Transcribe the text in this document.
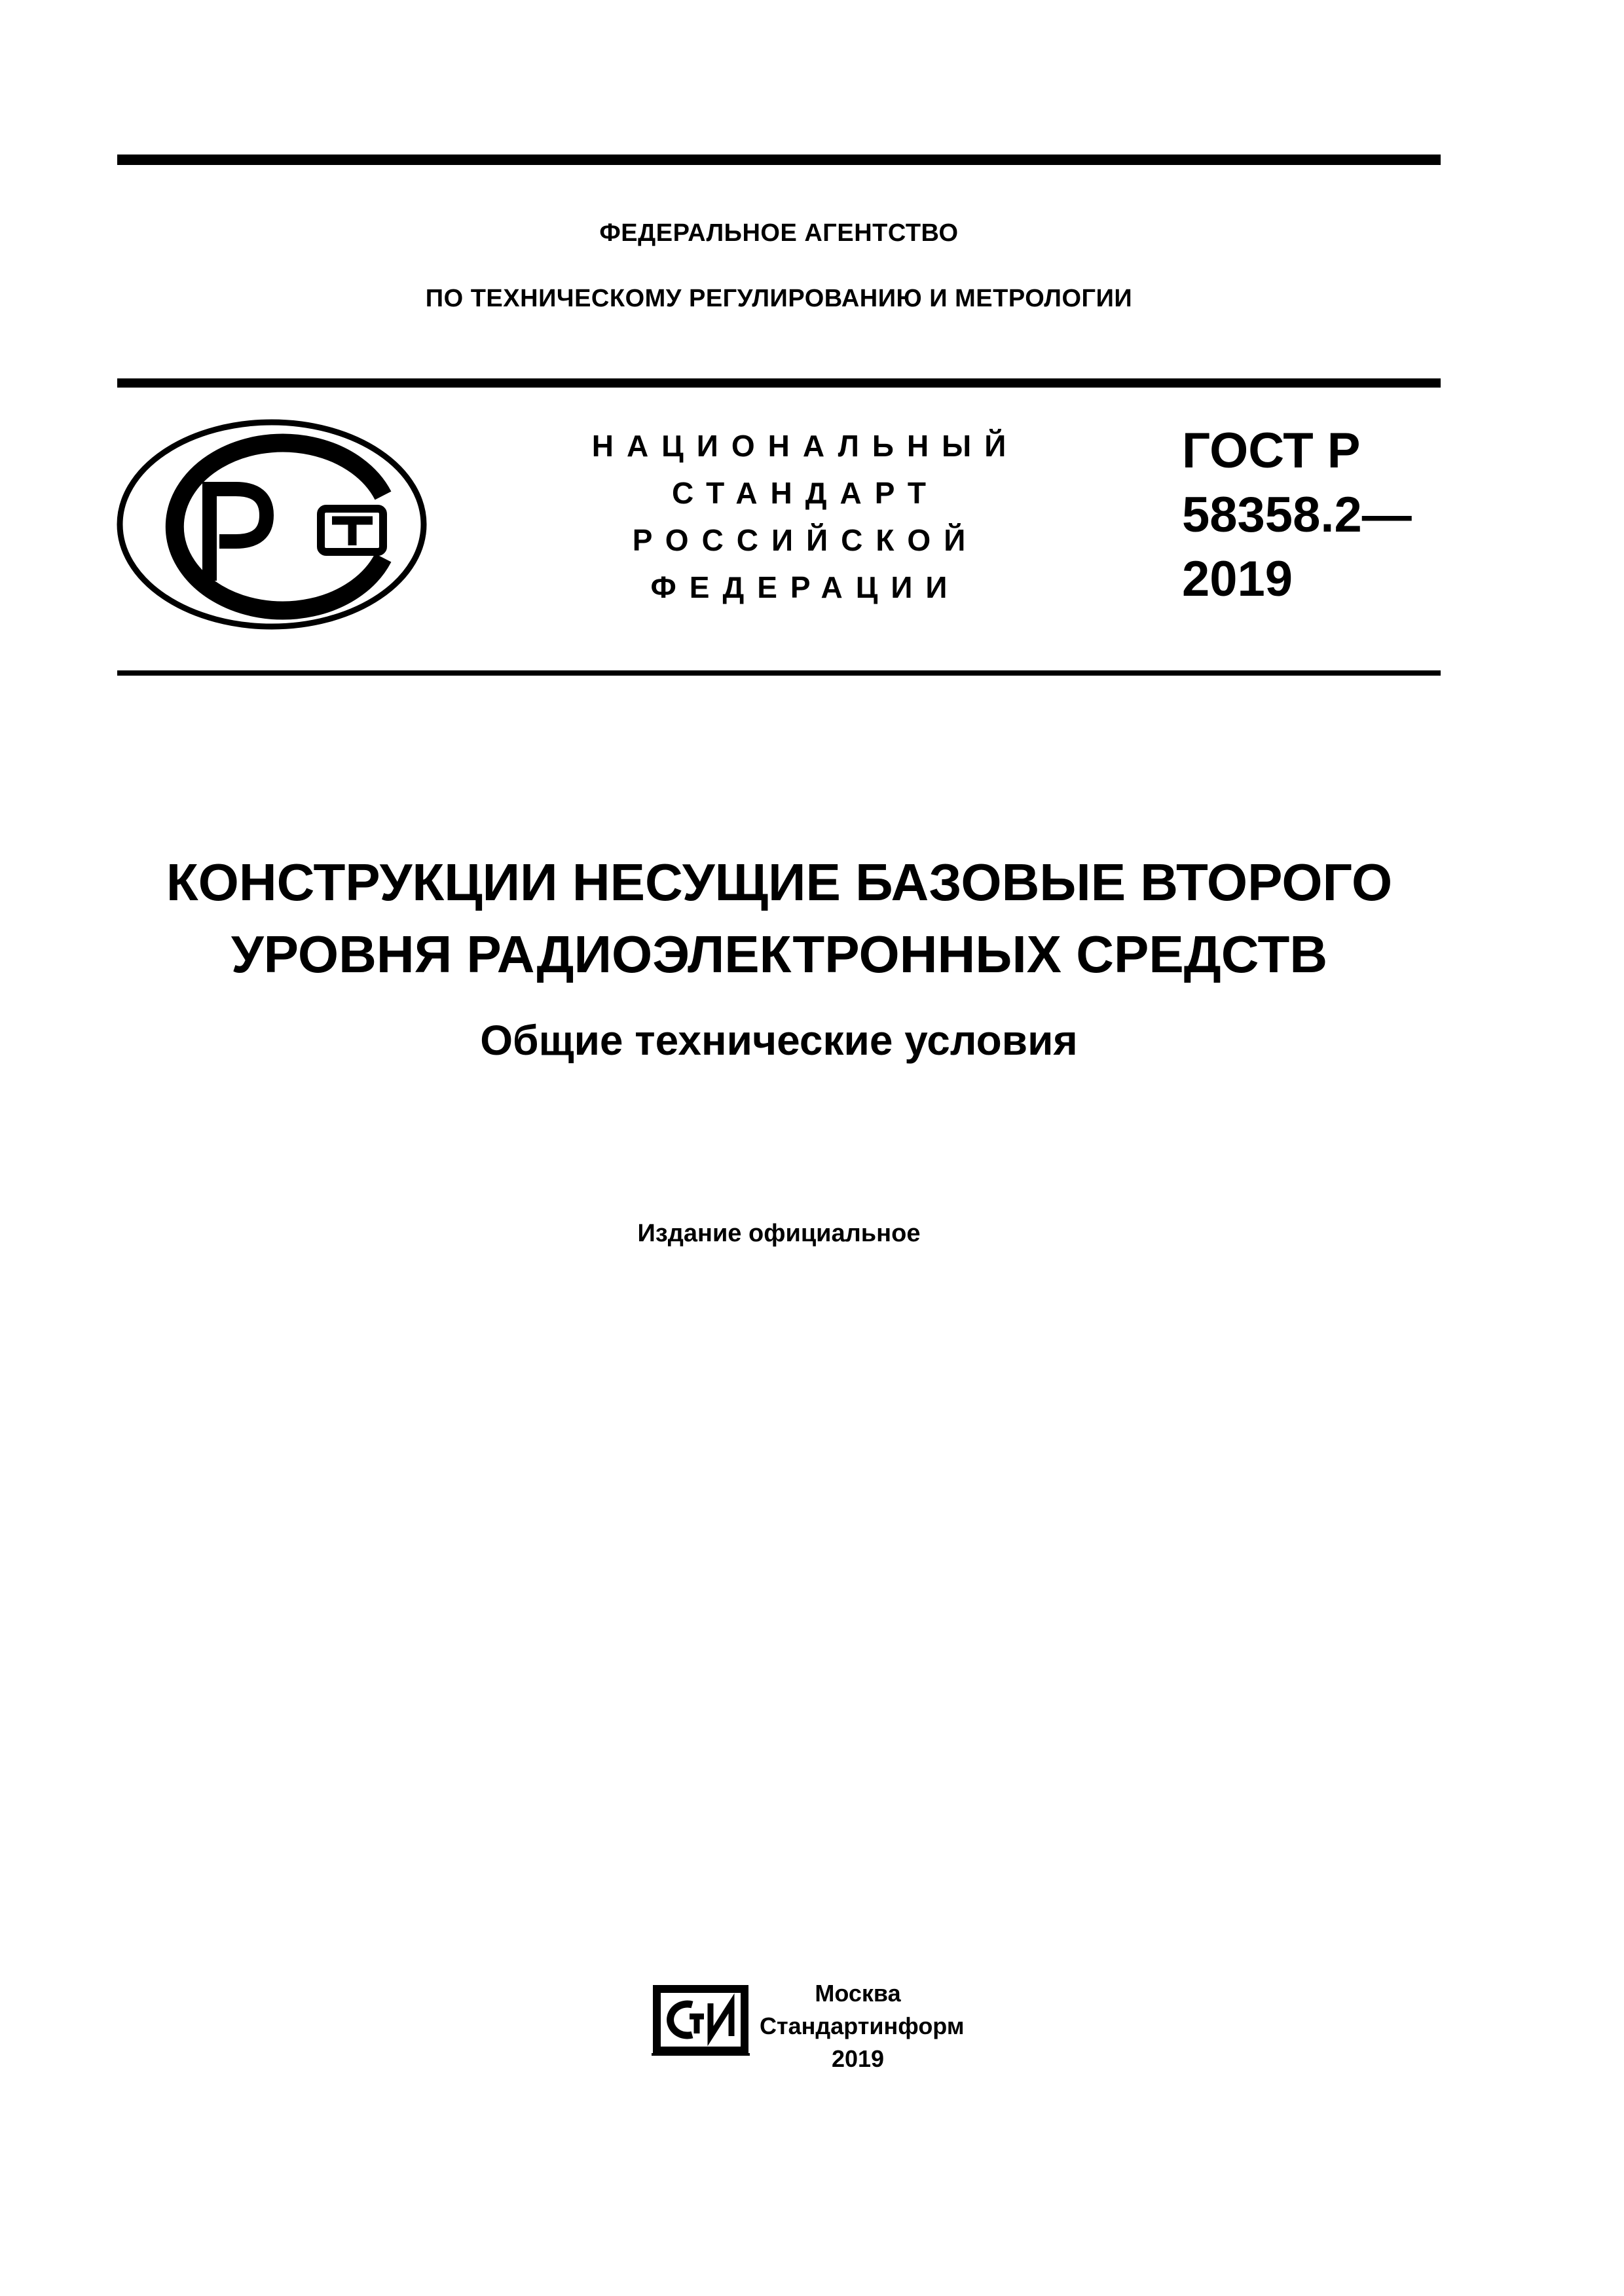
ФЕДЕРАЛЬНОЕ АГЕНТСТВО
ПО ТЕХНИЧЕСКОМУ РЕГУЛИРОВАНИЮ И МЕТРОЛОГИИ
НАЦИОНАЛЬНЫЙ
СТАНДАРТ
РОССИЙСКОЙ
ФЕДЕРАЦИИ
ГОСТ Р
58358.2—
2019
КОНСТРУКЦИИ НЕСУЩИЕ БАЗОВЫЕ ВТОРОГО
УРОВНЯ РАДИОЭЛЕКТРОННЫХ СРЕДСТВ
Общие технические условия
Издание официальное
Москва
Стандартинформ
2019
